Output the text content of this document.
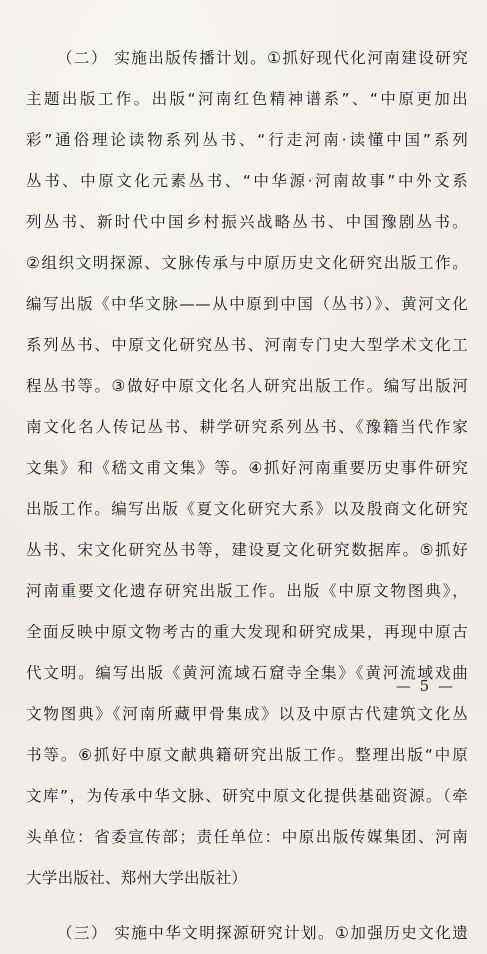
（二） 实施出版传播计划。①抓好现代化河南建设研究
主题出版工作。出版“河南红色精神谱系”、“中原更加出
彩”通俗理论读物系列丛书、“行走河南·读懂中国”系列
丛书、中原文化元素丛书、“中华源·河南故事”中外文系
列丛书、新时代中国乡村振兴战略丛书、中国豫剧丛书。
②组织文明探源、文脉传承与中原历史文化研究出版工作。
编写出版《中华文脉——从中原到中国（丛书）》、黄河文化
系列丛书、中原文化研究丛书、河南专门史大型学术文化工
程丛书等。③做好中原文化名人研究出版工作。编写出版河
南文化名人传记丛书、耕学研究系列丛书、《豫籍当代作家
文集》和《嵇文甫文集》等。④抓好河南重要历史事件研究
出版工作。编写出版《夏文化研究大系》以及殷商文化研究
丛书、宋文化研究丛书等，建设夏文化研究数据库。⑤抓好
河南重要文化遗存研究出版工作。出版《中原文物图典》，
全面反映中原文物考古的重大发现和研究成果，再现中原古
代文明。编写出版《黄河流域石窟寺全集》《黄河流域戏曲
文物图典》《河南所藏甲骨集成》以及中原古代建筑文化丛
书等。⑥抓好中原文献典籍研究出版工作。整理出版“中原
文库”，为传承中华文脉、研究中原文化提供基础资源。（牵
头单位：省委宣传部；责任单位：中原出版传媒集团、河南
大学出版社、郑州大学出版社）
（三） 实施中华文明探源研究计划。①加强历史文化遗
— 5 —
